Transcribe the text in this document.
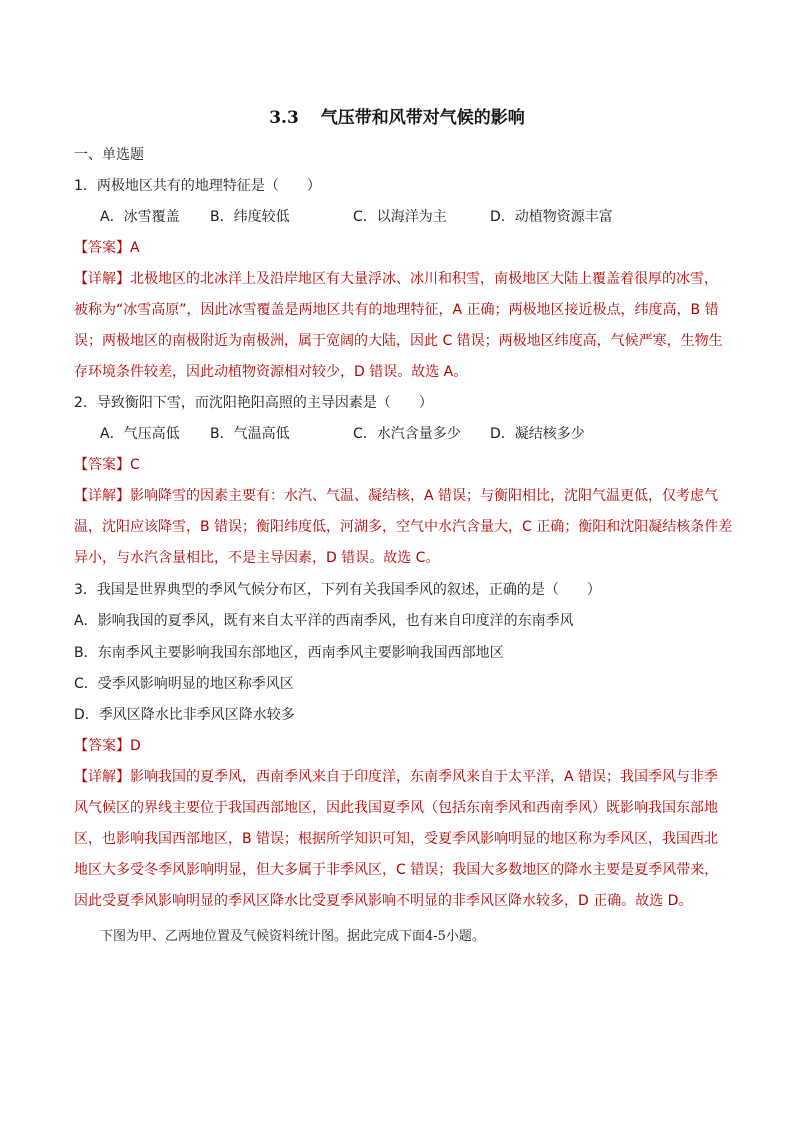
3.3 气压带和风带对气候的影响
一、单选题
1．两极地区共有的地理特征是（　　）
A．冰雪覆盖 B．纬度较低	C．以海洋为主	D．动植物资源丰富
【答案】A
【详解】北极地区的北冰洋上及沿岸地区有大量浮冰、冰川和积雪，南极地区大陆上覆盖着很厚的冰雪，
被称为“冰雪高原”，因此冰雪覆盖是两地区共有的地理特征，A 正确；两极地区接近极点，纬度高，B 错
误；两极地区的南极附近为南极洲，属于宽阔的大陆，因此 C 错误；两极地区纬度高，气候严寒，生物生
存环境条件较差，因此动植物资源相对较少，D 错误。故选 A。
2．导致衡阳下雪，而沈阳艳阳高照的主导因素是（　　）
A．气压高低 B．气温高低	C．水汽含量多少 D．凝结核多少
【答案】C
【详解】影响降雪的因素主要有：水汽、气温、凝结核，A 错误；与衡阳相比，沈阳气温更低，仅考虑气
温，沈阳应该降雪，B 错误；衡阳纬度低，河湖多，空气中水汽含量大，C 正确；衡阳和沈阳凝结核条件差
异小，与水汽含量相比，不是主导因素，D 错误。故选 C。
3．我国是世界典型的季风气候分布区，下列有关我国季风的叙述，正确的是（　　）
A．影响我国的夏季风，既有来自太平洋的西南季风，也有来自印度洋的东南季风
B．东南季风主要影响我国东部地区，西南季风主要影响我国西部地区
C．受季风影响明显的地区称季风区
D．季风区降水比非季风区降水较多
【答案】D
【详解】影响我国的夏季风，西南季风来自于印度洋，东南季风来自于太平洋，A 错误；我国季风与非季
风气候区的界线主要位于我国西部地区，因此我国夏季风（包括东南季风和西南季风）既影响我国东部地
区，也影响我国西部地区，B 错误；根据所学知识可知，受夏季风影响明显的地区称为季风区，我国西北
地区大多受冬季风影响明显，但大多属于非季风区，C 错误；我国大多数地区的降水主要是夏季风带来，
因此受夏季风影响明显的季风区降水比受夏季风影响不明显的非季风区降水较多，D 正确。故选 D。
下图为甲、乙两地位置及气候资料统计图。据此完成下面4-5小题。
